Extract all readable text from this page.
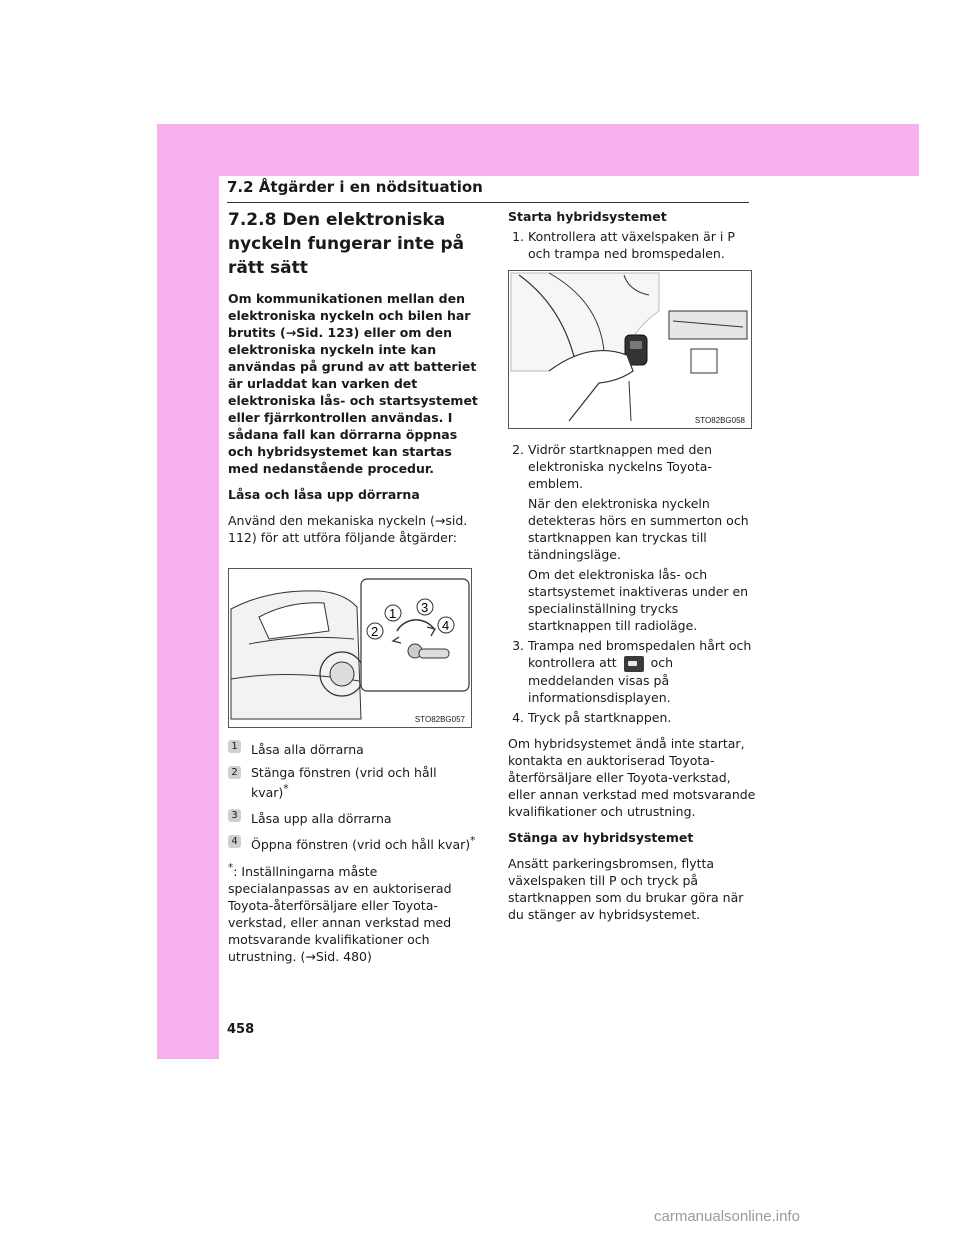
7.2 Åtgärder i en nödsituation
7.2.8 Den elektroniska nyckeln fungerar inte på rätt sätt

Om kommunikationen mellan den elektroniska nyckeln och bilen har brutits (→Sid. 123) eller om den elektroniska nyckeln inte kan användas på grund av att batteriet är urladdat kan varken det elektroniska lås- och startsystemet eller fjärrkontrollen användas. I sådana fall kan dörrarna öppnas och hybridsystemet kan startas med nedanstående procedur.

Låsa och låsa upp dörrarna

Använd den mekaniska nyckeln (→sid. 112) för att utföra följande åtgärder:

1 3
2	4
STO82BG057
1 Låsa alla dörrarna
2 Stänga fönstren (vrid och håll kvar)*
3 Låsa upp alla dörrarna
4 Öppna fönstren (vrid och håll kvar)*

*: Inställningarna måste specialanpassas av en auktoriserad Toyota-återförsäljare eller Toyota-verkstad, eller annan verkstad med motsvarande kvalifikationer och utrustning. (→Sid. 480)

Starta hybridsystemet

1. Kontrollera att växelspaken är i P och trampa ned bromspedalen.
STO82BG058
2. Vidrör startknappen med den elektroniska nyckelns Toyota-emblem.

När den elektroniska nyckeln detekteras hörs en summerton och startknappen kan tryckas till tändningsläge.

Om det elektroniska lås- och startsystemet inaktiveras under en specialinställning trycks startknappen till radioläge.

3. Trampa ned bromspedalen hårt och kontrollera att	och meddelanden visas på informationsdisplayen.
4. Tryck på startknappen.

Om hybridsystemet ändå inte startar, kontakta en auktoriserad Toyota-återförsäljare eller Toyota-verkstad, eller annan verkstad med motsvarande kvalifikationer och utrustning.

Stänga av hybridsystemet

Ansätt parkeringsbromsen, flytta växelspaken till P och tryck på startknappen som du brukar göra när du stänger av hybridsystemet.

458
carmanualsonline.info
